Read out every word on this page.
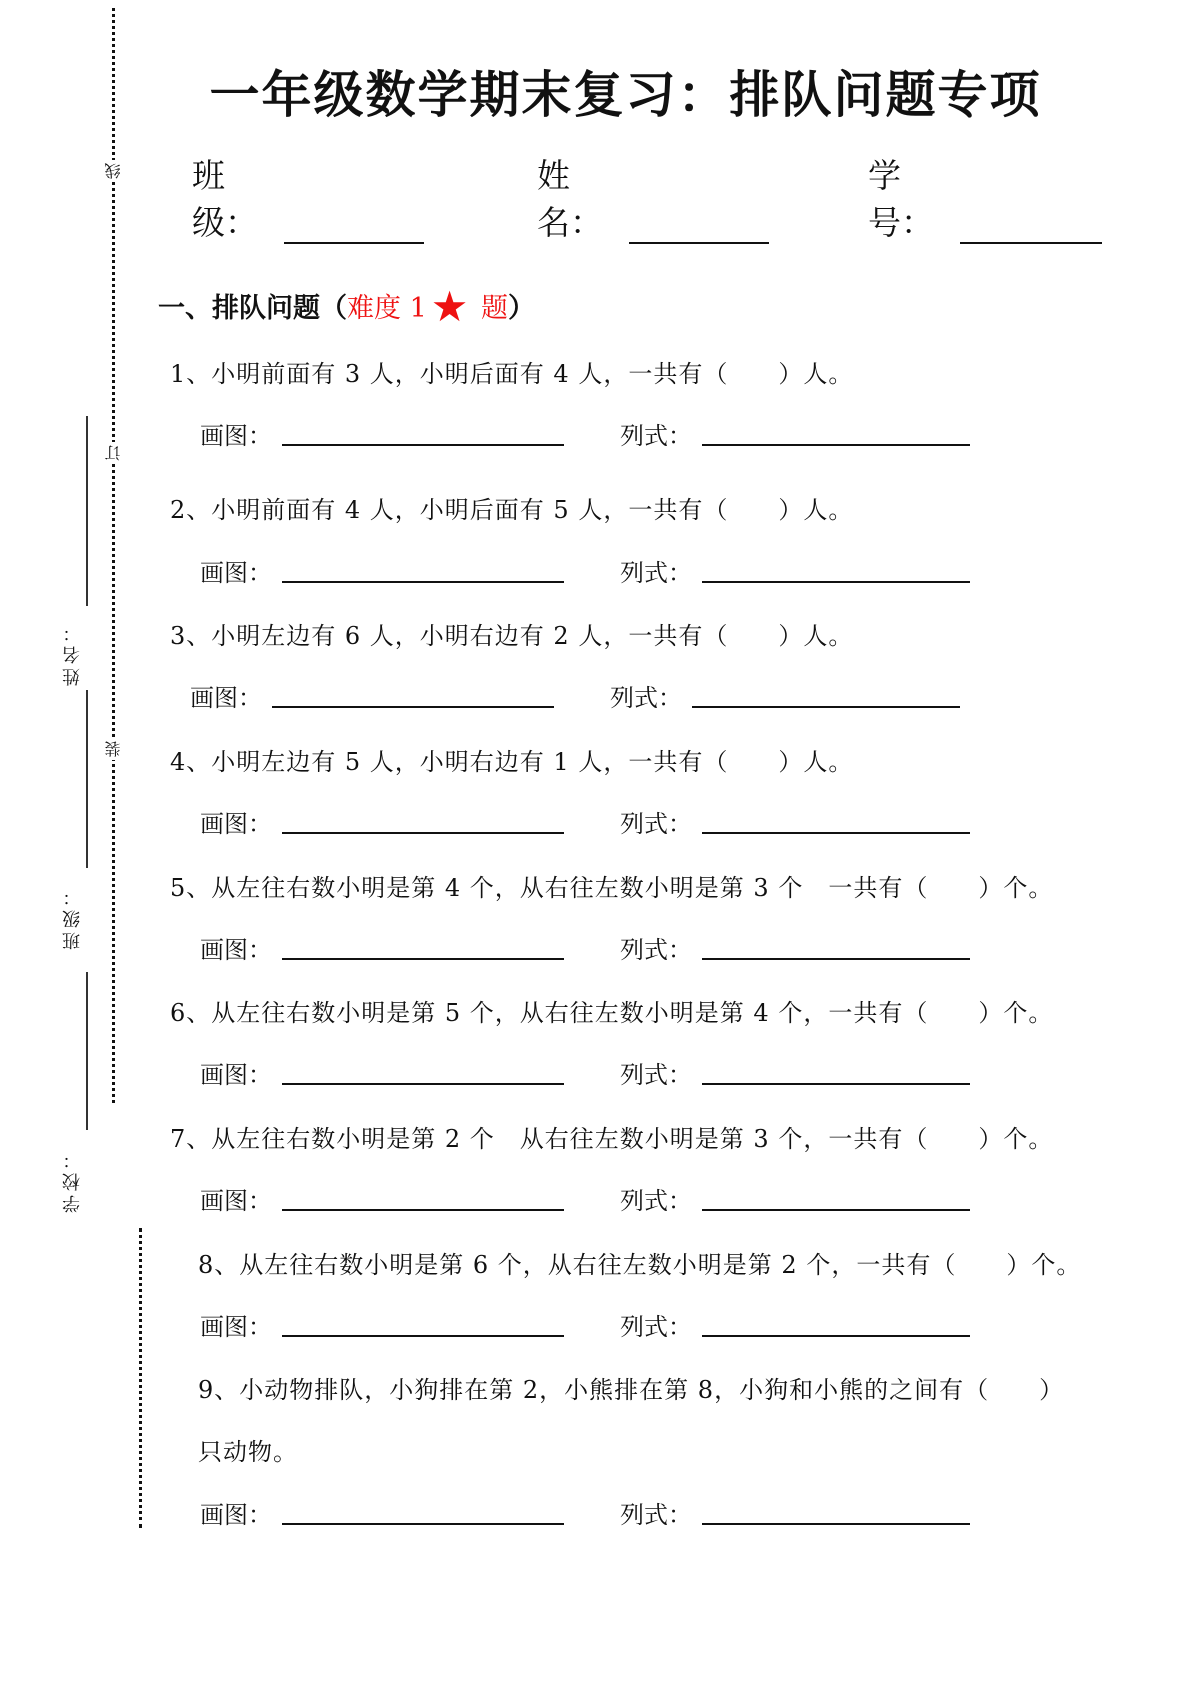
线
订
装
姓名：
班级：
学校：
一年级数学期末复习：排队问题专项
班级：
姓名：
学号：
一、排队问题（难度 1★ 题）
1、小明前面有 3 人，小明后面有 4 人，一共有（　　）人。
画图：	列式：
2、小明前面有 4 人，小明后面有 5 人，一共有（　　）人。
画图：	列式：
3、小明左边有 6 人，小明右边有 2 人，一共有（　　）人。
画图：	列式：
4、小明左边有 5 人，小明右边有 1 人，一共有（　　）人。
画图：	列式：
5、从左往右数小明是第 4 个，从右往左数小明是第 3 个　一共有（　　）个。
画图：	列式：
6、从左往右数小明是第 5 个，从右往左数小明是第 4 个，一共有（　　）个。
画图：	列式：
7、从左往右数小明是第 2 个　从右往左数小明是第 3 个，一共有（　　）个。
画图：	列式：
8、从左往右数小明是第 6 个，从右往左数小明是第 2 个，一共有（　　）个。
画图：	列式：
9、小动物排队，小狗排在第 2，小熊排在第 8，小狗和小熊的之间有（　　）
只动物。
画图：	列式：
